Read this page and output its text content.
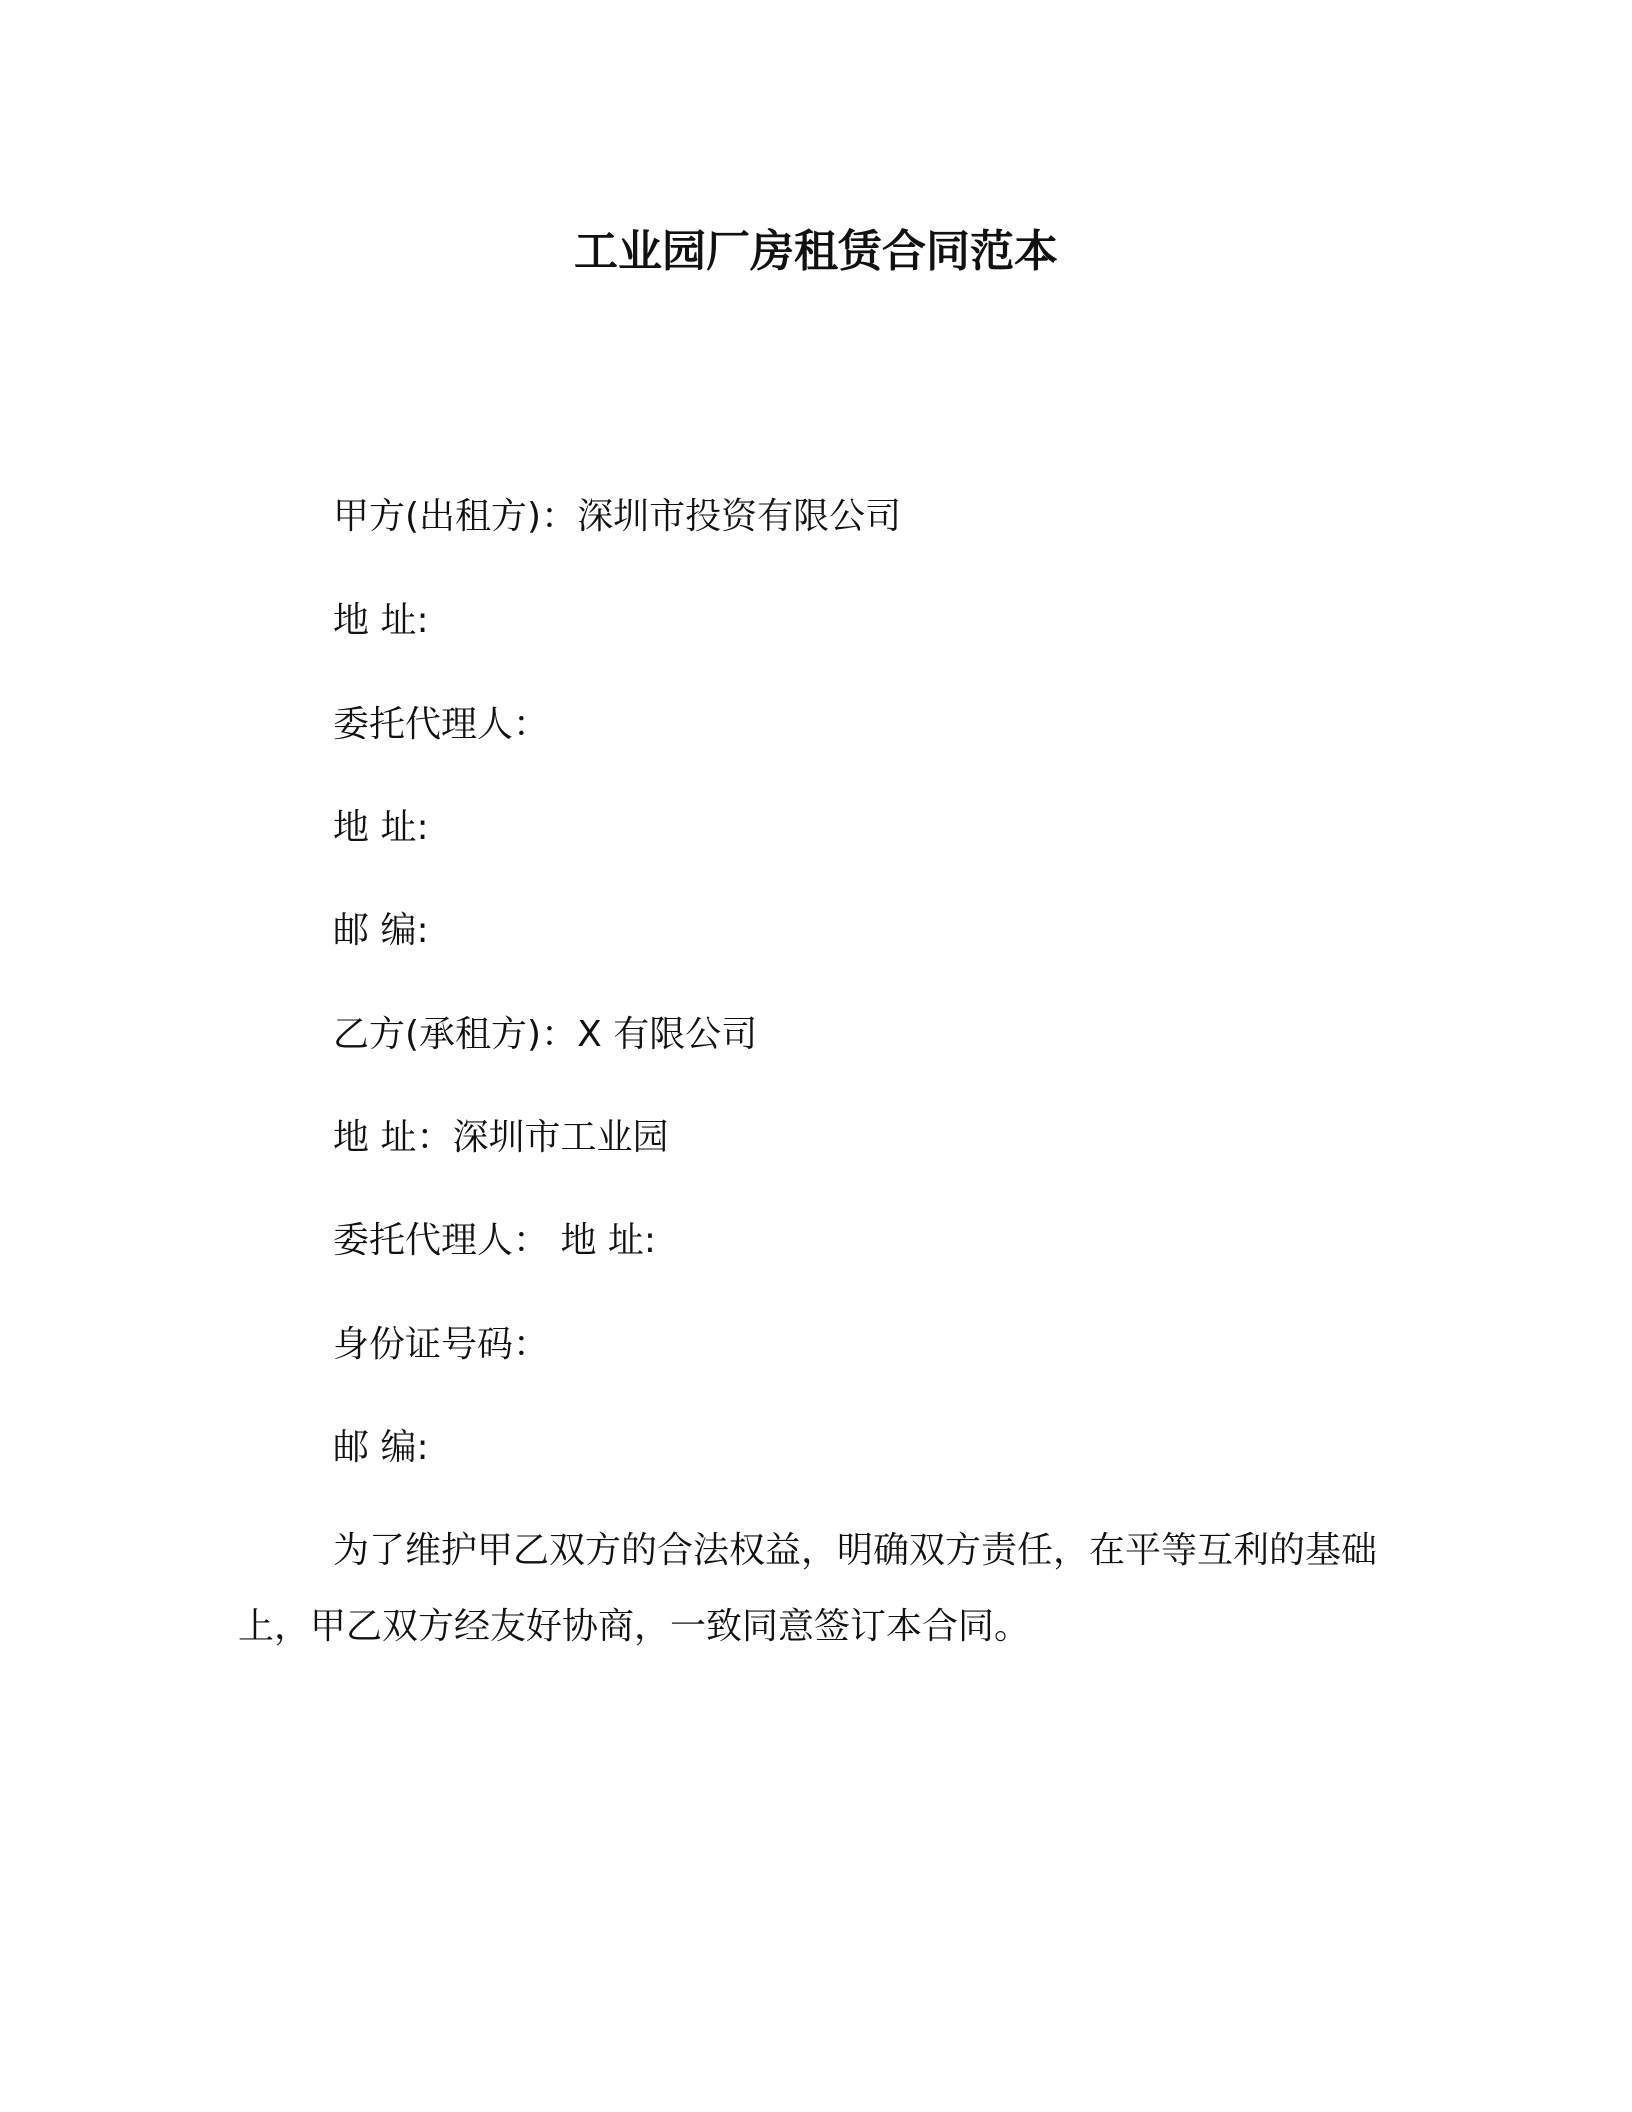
工业园厂房租赁合同范本
甲方(出租方)：深圳市投资有限公司
地 址:
委托代理人：
地 址:
邮 编:
乙方(承租方)：X 有限公司
地 址：深圳市工业园
委托代理人： 地 址:
身份证号码：
邮 编:
为了维护甲乙双方的合法权益，明确双方责任，在平等互利的基础上，甲乙双方经友好协商，一致同意签订本合同。
